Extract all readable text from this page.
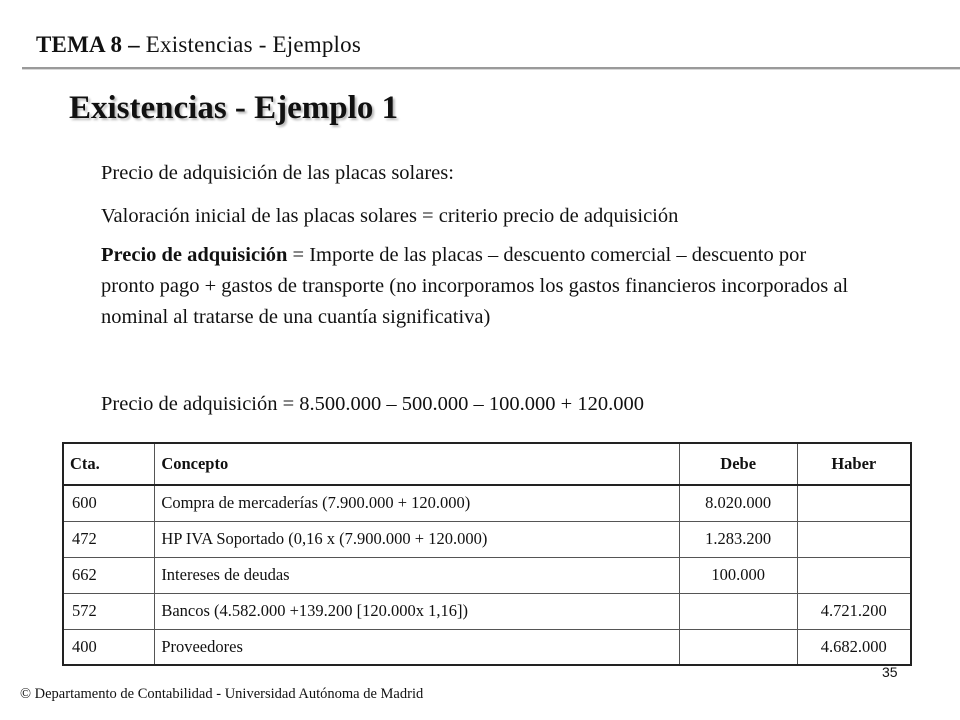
TEMA 8 – Existencias - Ejemplos
Existencias - Ejemplo 1
Precio de adquisición de las placas solares:
Valoración inicial de las placas solares = criterio precio de adquisición
Precio de adquisición = Importe de las placas – descuento comercial – descuento por pronto pago + gastos de transporte (no incorporamos los gastos financieros incorporados al nominal al tratarse de una cuantía significativa)
Precio de adquisición = 8.500.000 – 500.000 – 100.000 + 120.000
Cta.	Concepto	Debe	Haber
600	Compra de mercaderías (7.900.000 + 120.000)	8.020.000	
472	HP IVA Soportado (0,16 x (7.900.000 + 120.000)	1.283.200	
662	Intereses de deudas	100.000	
572	Bancos (4.582.000 +139.200 [120.000x 1,16])		4.721.200
400	Proveedores		4.682.000
35
© Departamento de Contabilidad - Universidad Autónoma de Madrid
